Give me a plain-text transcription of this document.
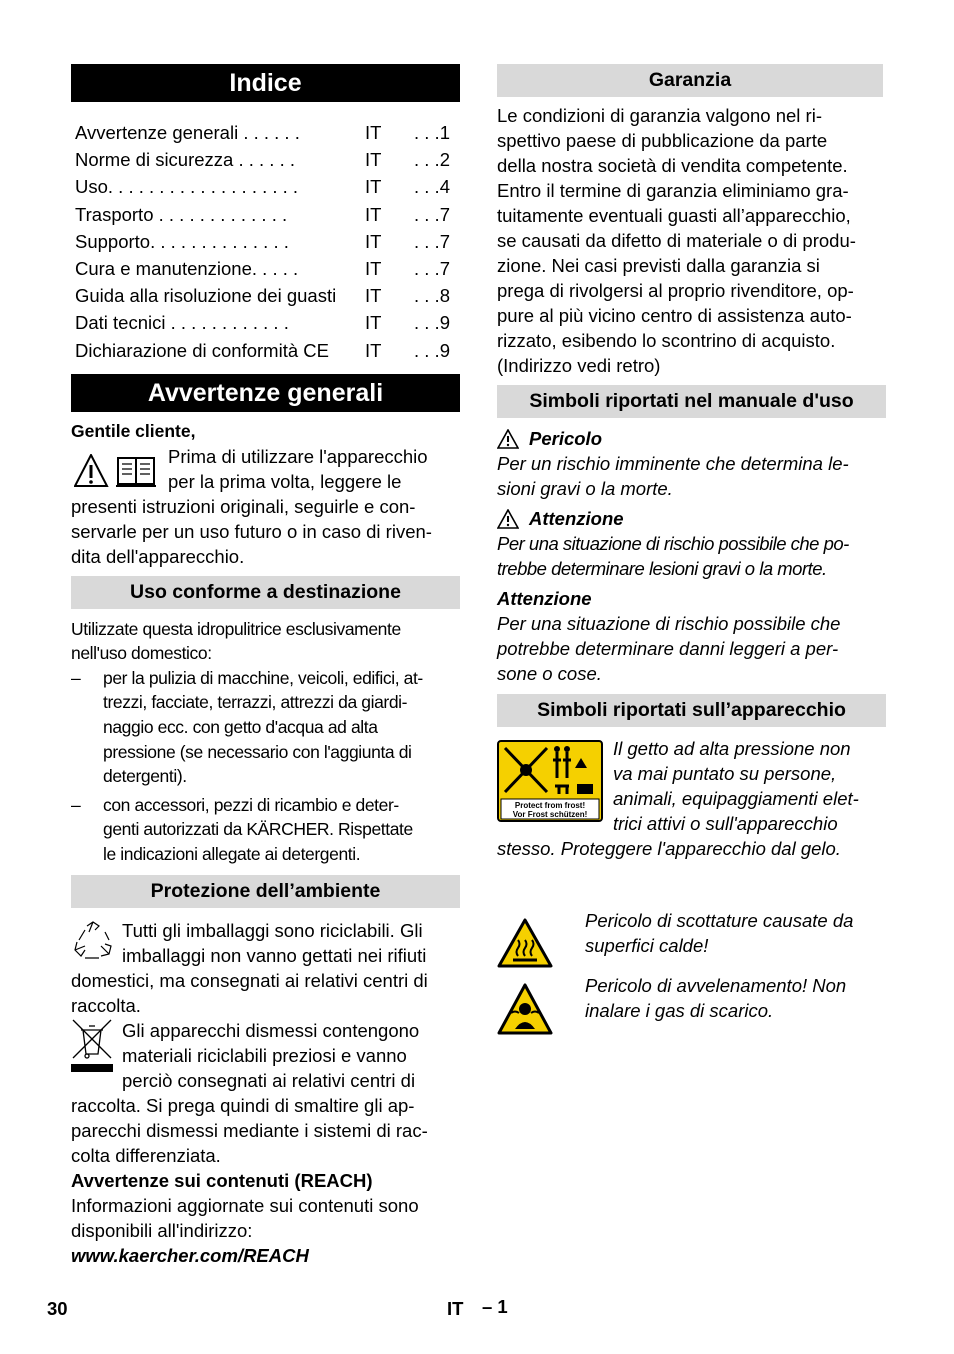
Indice
Avvertenze generali . . . . . .	IT	. . .1
Norme di sicurezza . . . . . .	IT	. . .2
Uso. . . . . . . . . . . . . . . . . . .	IT	. . .4
Trasporto . . . . . . . . . . . . .	IT	. . .7
Supporto. . . . . . . . . . . . . .	IT	. . .7
Cura e manutenzione. . . . .	IT	. . .7
Guida alla risoluzione dei guasti	IT	. . .8
Dati tecnici . . . . . . . . . . . .	IT	. . .9
Dichiarazione di conformità CE	IT	. . .9
Avvertenze generali

Gentile cliente,

Prima di utilizzare l'apparecchio
per la prima volta, leggere le
presenti istruzioni originali, seguirle e con-
servarle per un uso futuro o in caso di riven-
dita dell'apparecchio.
Uso conforme a destinazione
Utilizzate questa idropulitrice esclusivamente
nell'uso domestico:
–	per la pulizia di macchine, veicoli, edifici, at-
trezzi, facciate, terrazzi, attrezzi da giardi-
naggio ecc. con getto d'acqua ad alta
pressione (se necessario con l'aggiunta di
detergenti).
–	con accessori, pezzi di ricambio e deter-
genti autorizzati da KÄRCHER. Rispettate
le indicazioni allegate ai detergenti.
Protezione dell’ambiente
Tutti gli imballaggi sono riciclabili. Gli
imballaggi non vanno gettati nei rifiuti
domestici, ma consegnati ai relativi centri di
raccolta.
Gli apparecchi dismessi contengono
materiali riciclabili preziosi e vanno
perciò consegnati ai relativi centri di
raccolta. Si prega quindi di smaltire gli ap-
parecchi dismessi mediante i sistemi di rac-
colta differenziata.
Avvertenze sui contenuti (REACH)
Informazioni aggiornate sui contenuti sono
disponibili all'indirizzo:
www.kaercher.com/REACH
Garanzia
Le condizioni di garanzia valgono nel ri-
spettivo paese di pubblicazione da parte
della nostra società di vendita competente.
Entro il termine di garanzia eliminiamo gra-
tuitamente eventuali guasti all’apparecchio,
se causati da difetto di materiale o di produ-
zione. Nei casi previsti dalla garanzia si
prega di rivolgersi al proprio rivenditore, op-
pure al più vicino centro di assistenza auto-
rizzato, esibendo lo scontrino di acquisto.
(Indirizzo vedi retro)
Simboli riportati nel manuale d'uso
Pericolo
Per un rischio imminente che determina le-
sioni gravi o la morte.
Attenzione
Per una situazione di rischio possibile che po-
trebbe determinare lesioni gravi o la morte.
Attenzione
Per una situazione di rischio possibile che
potrebbe determinare danni leggeri a per-
sone o cose.
Simboli riportati sull’apparecchio
Protect from frost!
Vor Frost schützen!
Il getto ad alta pressione non
va mai puntato su persone,
animali, equipaggiamenti elet-
trici attivi o sull'apparecchio
stesso. Proteggere l'apparecchio dal gelo.
Pericolo di scottature causate da
superfici calde!
Pericolo di avvelenamento! Non
inalare i gas di scarico.
30	IT – 1
